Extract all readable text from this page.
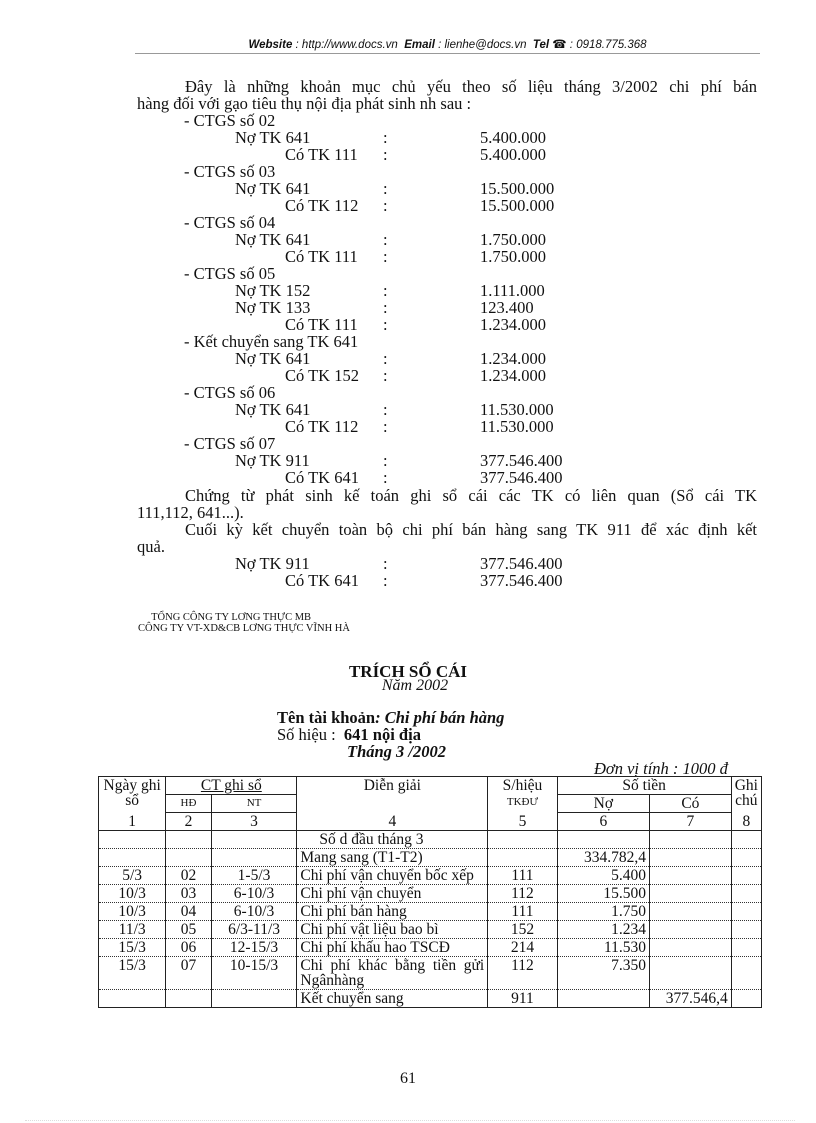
Website : http://www.docs.vn Email : lienhe@docs.vn Tel ☎ : 0918.775.368
Đây là những khoản mục chủ yếu theo số liệu tháng 3/2002 chi phí bán
hàng đối với gạo tiêu thụ nội địa phát sinh nh sau :
- CTGS số 02
Nợ TK 641	:	5.400.000
Có TK 111 :	5.400.000
- CTGS số 03
Nợ TK 641	:	15.500.000
Có TK 112 :	15.500.000
- CTGS số 04
Nợ TK 641	:	1.750.000
Có TK 111 :	1.750.000
- CTGS số 05
Nợ TK 152	:	1.111.000
Nợ TK 133	:	123.400
Có TK 111 :	1.234.000
- Kết chuyển sang TK 641
Nợ TK 641	:	1.234.000
Có TK 152 :	1.234.000
- CTGS số 06
Nợ TK 641	:	11.530.000
Có TK 112 :	11.530.000
- CTGS số 07
Nợ TK 911	:	377.546.400
Có TK 641 :	377.546.400
Chứng từ phát sinh kế toán ghi sổ cái các TK có liên quan (Sổ cái TK
111,112, 641...).
Cuối kỳ kết chuyển toàn bộ chi phí bán hàng sang TK 911 để xác định kết
quả.
Nợ TK 911	:	377.546.400
Có TK 641 :	377.546.400
TỔNG CÔNG TY LƠNG THỰC MB
CÔNG TY VT-XD&CB LƠNG THỰC VĨNH HÀ
TRÍCH SỔ CÁI
Năm 2002
Tên tài khoản: Chi phí bán hàng
Số hiệu : 641 nội địa
Tháng 3 /2002
Đơn vị tính : 1000 đ
Ngày ghi sổ	CT ghi sổ		Diễn giải	S/hiệu
TKĐƯ	Số tiền		Ghi chú
	HĐ	NT			Nợ	Có	
1	2	3	4	5	6	7	8
			Số d đầu tháng 3				
			Mang sang (T1-T2)		334.782,4		
5/3	02	1-5/3	Chi phí vận chuyển bốc xếp	111	5.400		
10/3	03	6-10/3	Chi phí vận chuyển	112	15.500		
10/3	04	6-10/3	Chi phí bán hàng	111	1.750		
11/3	05	6/3-11/3	Chi phí vật liệu bao bì	152	1.234		
15/3	06	12-15/3	Chi phí khấu hao TSCĐ	214	11.530		
15/3	07	10-15/3	Chi phí khác bằng tiền gửi Ngânhàng	112	7.350		
			Kết chuyển sang	911		377.546,4	
61
